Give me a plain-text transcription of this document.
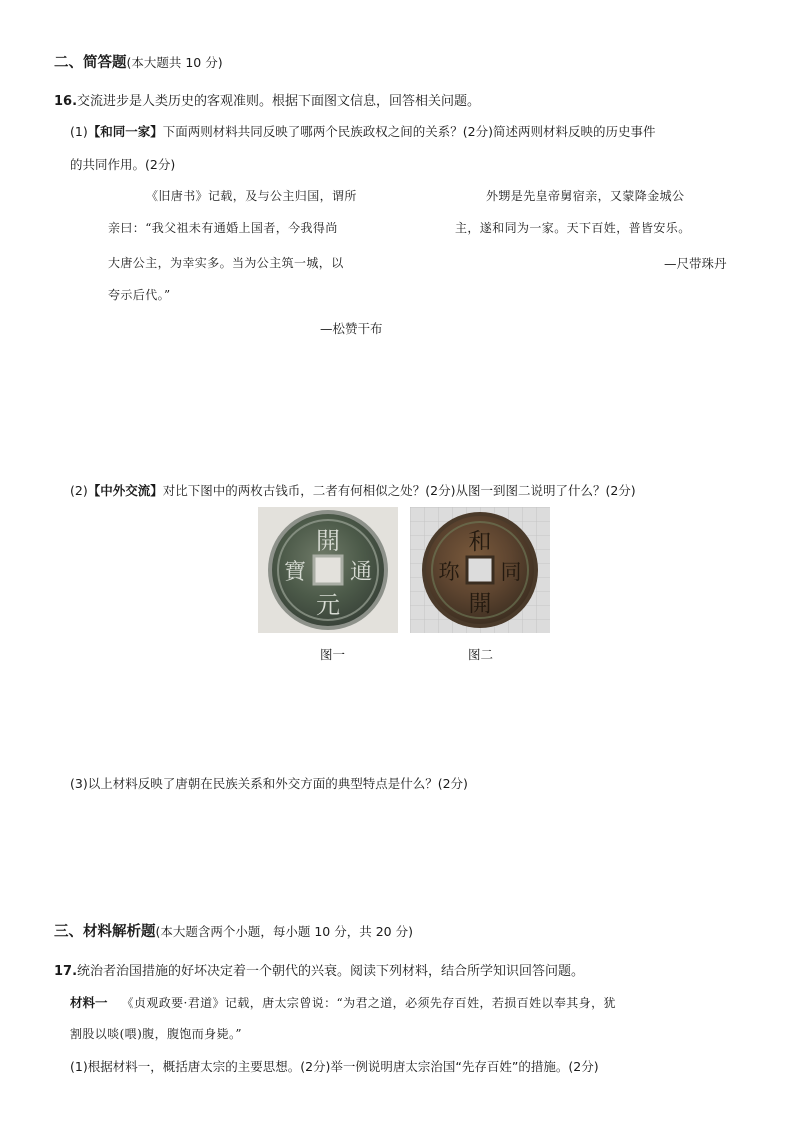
二、简答题(本大题共 10 分)
16.交流进步是人类历史的客观准则。根据下面图文信息，回答相关问题。
(1)【和同一家】下面两则材料共同反映了哪两个民族政权之间的关系？(2分)简述两则材料反映的历史事件
的共同作用。(2分)
《旧唐书》记载，及与公主归国，谓所
亲曰：“我父祖未有通婚上国者，今我得尚
大唐公主，为幸实多。当为公主筑一城，以
夸示后代。”
—松赞干布
外甥是先皇帝舅宿亲，又蒙降金城公
主，遂和同为一家。天下百姓，普皆安乐。
—尺带珠丹
(2)【中外交流】对比下图中的两枚古钱币，二者有何相似之处？(2分)从图一到图二说明了什么？(2分)
開
元
通
寶
和
同
開
珎
图一	图二
(3)以上材料反映了唐朝在民族关系和外交方面的典型特点是什么？(2分)
三、材料解析题(本大题含两个小题，每小题 10 分，共 20 分)
17.统治者治国措施的好坏决定着一个朝代的兴衰。阅读下列材料，结合所学知识回答问题。
材料一 《贞观政要·君道》记载，唐太宗曾说：“为君之道，必须先存百姓，若损百姓以奉其身，犹
割股以啖(喂)腹，腹饱而身毙。”
(1)根据材料一，概括唐太宗的主要思想。(2分)举一例说明唐太宗治国“先存百姓”的措施。(2分)
